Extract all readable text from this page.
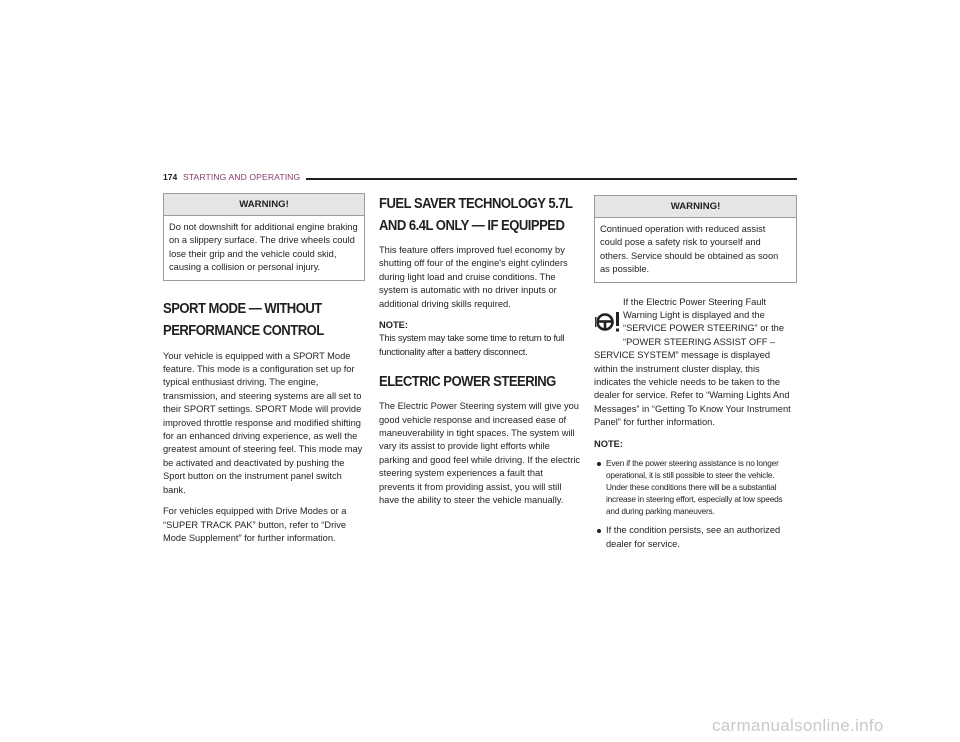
174 STARTING AND OPERATING
WARNING!
Do not downshift for additional engine braking on a slippery surface. The drive wheels could lose their grip and the vehicle could skid, causing a collision or personal injury.
SPORT MODE — WITHOUT PERFORMANCE CONTROL

Your vehicle is equipped with a SPORT Mode feature. This mode is a configuration set up for typical enthusiast driving. The engine, transmission, and steering systems are all set to their SPORT settings. SPORT Mode will provide improved throttle response and modified shifting for an enhanced driving experience, as well the greatest amount of steering feel. This mode may be activated and deactivated by pushing the Sport button on the instrument panel switch bank.

For vehicles equipped with Drive Modes or a “SUPER TRACK PAK” button, refer to “Drive Mode Supplement” for further information.

FUEL SAVER TECHNOLOGY 5.7L AND 6.4L ONLY — IF EQUIPPED

This feature offers improved fuel economy by shutting off four of the engine's eight cylinders during light load and cruise conditions. The system is automatic with no driver inputs or additional driving skills required.

NOTE:

This system may take some time to return to full functionality after a battery disconnect.

ELECTRIC POWER STEERING

The Electric Power Steering system will give you good vehicle response and increased ease of maneuverability in tight spaces. The system will vary its assist to provide light efforts while parking and good feel while driving. If the electric steering system experiences a fault that prevents it from providing assist, you will still have the ability to steer the vehicle manually.

WARNING!
Continued operation with reduced assist could pose a safety risk to yourself and others. Service should be obtained as soon as possible.

If the Electric Power Steering Fault Warning Light is displayed and the “SERVICE POWER STEERING” or the “POWER STEERING ASSIST OFF –

SERVICE SYSTEM” message is displayed within the instrument cluster display, this indicates the vehicle needs to be taken to the dealer for service. Refer to “Warning Lights And Messages” in “Getting To Know Your Instrument Panel” for further information.

NOTE:

Even if the power steering assistance is no longer operational, it is still possible to steer the vehicle. Under these conditions there will be a substantial increase in steering effort, especially at low speeds and during parking maneuvers.
If the condition persists, see an authorized dealer for service.
carmanualsonline.info
